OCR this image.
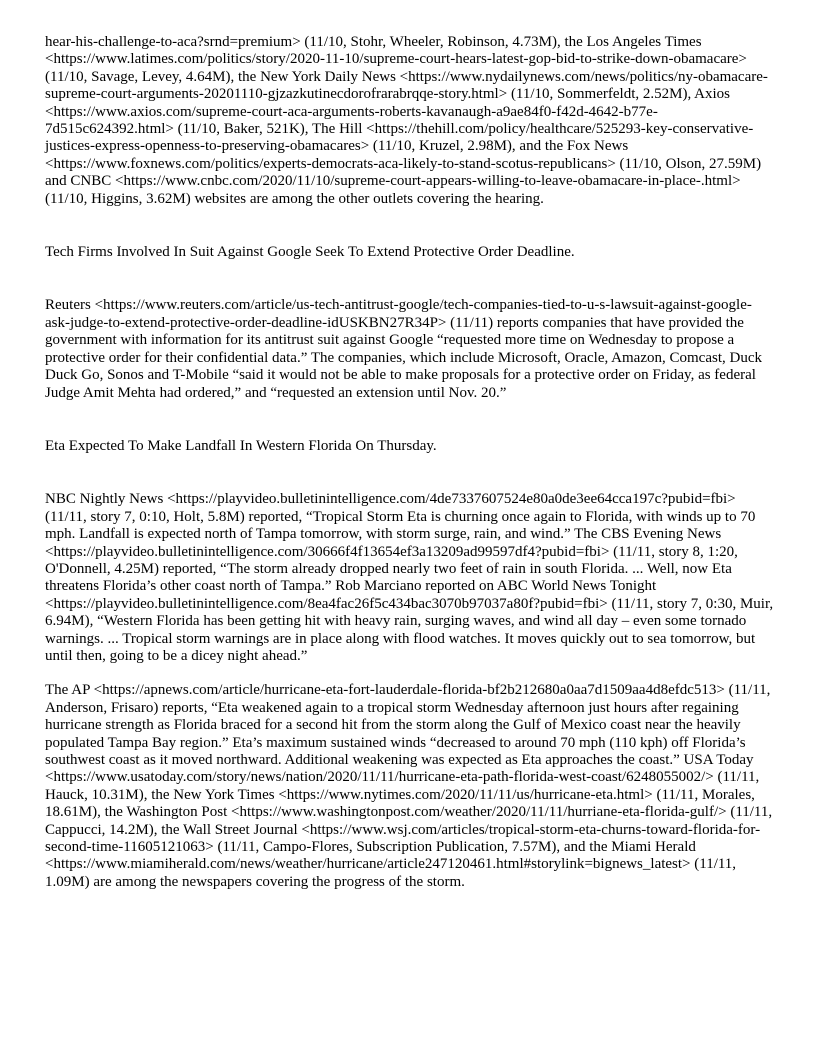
hear-his-challenge-to-aca?srnd=premium> (11/10, Stohr, Wheeler, Robinson, 4.73M), the Los Angeles Times <https://www.latimes.com/politics/story/2020-11-10/supreme-court-hears-latest-gop-bid-to-strike-down-obamacare> (11/10, Savage, Levey, 4.64M), the New York Daily News <https://www.nydailynews.com/news/politics/ny-obamacare-supreme-court-arguments-20201110-gjzazkutinecdorofrarabrqqe-story.html> (11/10, Sommerfeldt, 2.52M), Axios <https://www.axios.com/supreme-court-aca-arguments-roberts-kavanaugh-a9ae84f0-f42d-4642-b77e-7d515c624392.html> (11/10, Baker, 521K), The Hill <https://thehill.com/policy/healthcare/525293-key-conservative-justices-express-openness-to-preserving-obamacares> (11/10, Kruzel, 2.98M), and the Fox News <https://www.foxnews.com/politics/experts-democrats-aca-likely-to-stand-scotus-republicans> (11/10, Olson, 27.59M) and CNBC <https://www.cnbc.com/2020/11/10/supreme-court-appears-willing-to-leave-obamacare-in-place-.html> (11/10, Higgins, 3.62M) websites are among the other outlets covering the hearing.

Tech Firms Involved In Suit Against Google Seek To Extend Protective Order Deadline.

Reuters <https://www.reuters.com/article/us-tech-antitrust-google/tech-companies-tied-to-u-s-lawsuit-against-google-ask-judge-to-extend-protective-order-deadline-idUSKBN27R34P> (11/11) reports companies that have provided the government with information for its antitrust suit against Google “requested more time on Wednesday to propose a protective order for their confidential data.” The companies, which include Microsoft, Oracle, Amazon, Comcast, Duck Duck Go, Sonos and T-Mobile “said it would not be able to make proposals for a protective order on Friday, as federal Judge Amit Mehta had ordered,” and “requested an extension until Nov. 20.”

Eta Expected To Make Landfall In Western Florida On Thursday.

NBC Nightly News <https://playvideo.bulletinintelligence.com/4de7337607524e80a0de3ee64cca197c?pubid=fbi> (11/11, story 7, 0:10, Holt, 5.8M) reported, “Tropical Storm Eta is churning once again to Florida, with winds up to 70 mph. Landfall is expected north of Tampa tomorrow, with storm surge, rain, and wind.” The CBS Evening News <https://playvideo.bulletinintelligence.com/30666f4f13654ef3a13209ad99597df4?pubid=fbi> (11/11, story 8, 1:20, O'Donnell, 4.25M) reported, “The storm already dropped nearly two feet of rain in south Florida. ... Well, now Eta threatens Florida’s other coast north of Tampa.” Rob Marciano reported on ABC World News Tonight <https://playvideo.bulletinintelligence.com/8ea4fac26f5c434bac3070b97037a80f?pubid=fbi> (11/11, story 7, 0:30, Muir, 6.94M), “Western Florida has been getting hit with heavy rain, surging waves, and wind all day – even some tornado warnings. ... Tropical storm warnings are in place along with flood watches. It moves quickly out to sea tomorrow, but until then, going to be a dicey night ahead.”

The AP <https://apnews.com/article/hurricane-eta-fort-lauderdale-florida-bf2b212680a0aa7d1509aa4d8efdc513> (11/11, Anderson, Frisaro) reports, “Eta weakened again to a tropical storm Wednesday afternoon just hours after regaining hurricane strength as Florida braced for a second hit from the storm along the Gulf of Mexico coast near the heavily populated Tampa Bay region.” Eta’s maximum sustained winds “decreased to around 70 mph (110 kph) off Florida’s southwest coast as it moved northward. Additional weakening was expected as Eta approaches the coast.” USA Today <https://www.usatoday.com/story/news/nation/2020/11/11/hurricane-eta-path-florida-west-coast/6248055002/> (11/11, Hauck, 10.31M), the New York Times <https://www.nytimes.com/2020/11/11/us/hurricane-eta.html> (11/11, Morales, 18.61M), the Washington Post <https://www.washingtonpost.com/weather/2020/11/11/hurriane-eta-florida-gulf/> (11/11, Cappucci, 14.2M), the Wall Street Journal <https://www.wsj.com/articles/tropical-storm-eta-churns-toward-florida-for-second-time-11605121063> (11/11, Campo-Flores, Subscription Publication, 7.57M), and the Miami Herald <https://www.miamiherald.com/news/weather/hurricane/article247120461.html#storylink=bignews_latest> (11/11, 1.09M) are among the newspapers covering the progress of the storm.
